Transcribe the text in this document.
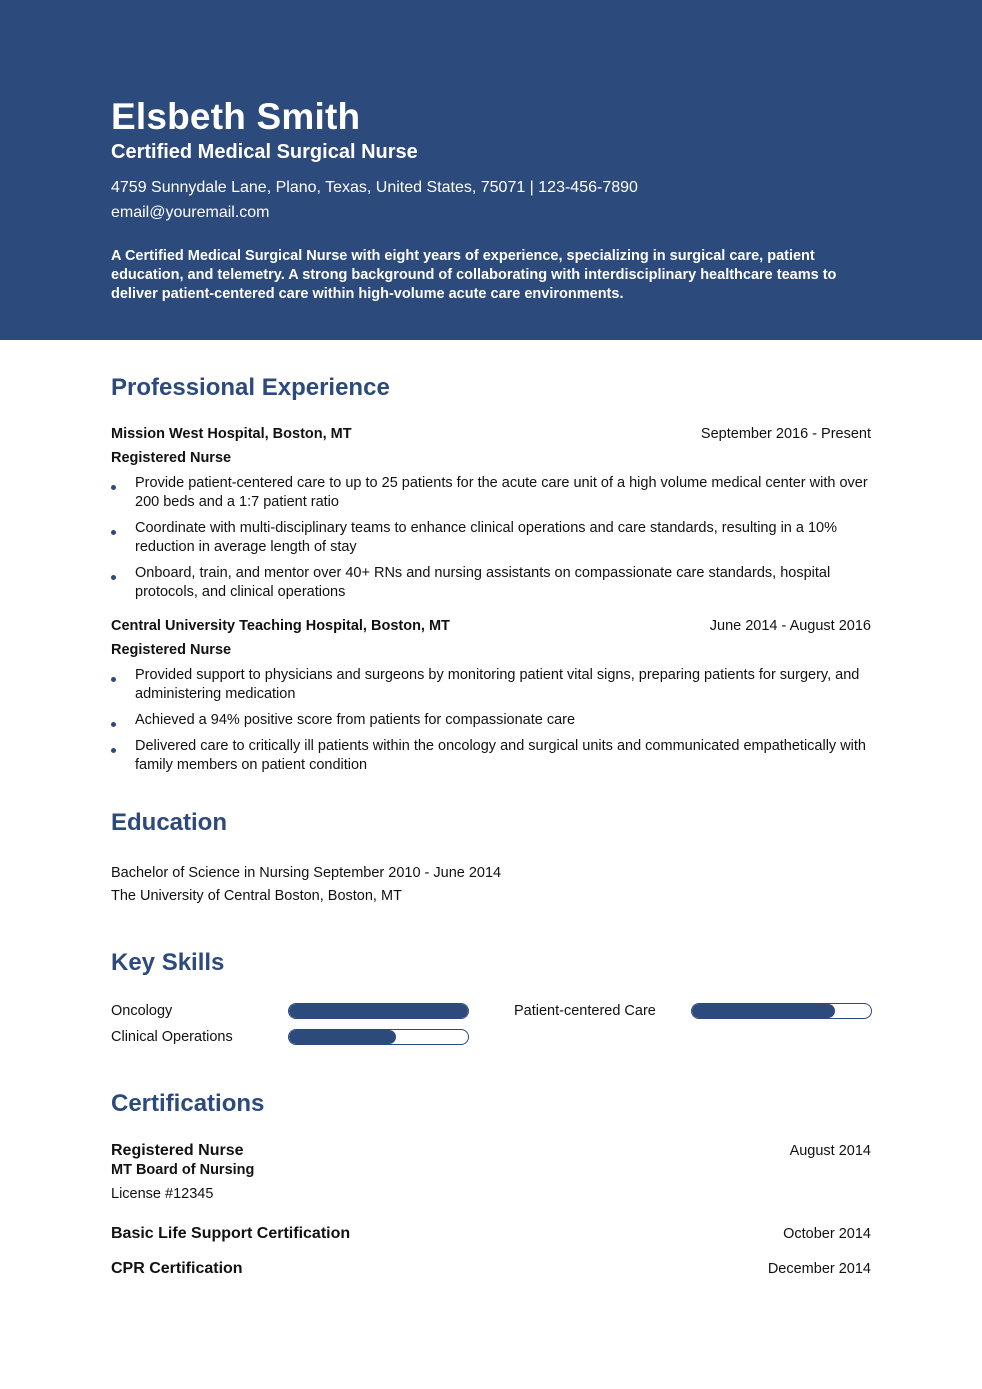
Elsbeth Smith
Certified Medical Surgical Nurse
4759 Sunnydale Lane, Plano, Texas, United States, 75071 | 123-456-7890
email@youremail.com
A Certified Medical Surgical Nurse with eight years of experience, specializing in surgical care, patient education, and telemetry. A strong background of collaborating with interdisciplinary healthcare teams to deliver patient-centered care within high-volume acute care environments.
Professional Experience
Mission West Hospital, Boston, MT	September 2016 - Present
Registered Nurse
Provide patient-centered care to up to 25 patients for the acute care unit of a high volume medical center with over 200 beds and a 1:7 patient ratio
Coordinate with multi-disciplinary teams to enhance clinical operations and care standards, resulting in a 10% reduction in average length of stay
Onboard, train, and mentor over 40+ RNs and nursing assistants on compassionate care standards, hospital protocols, and clinical operations
Central University Teaching Hospital, Boston, MT	June 2014 - August 2016
Registered Nurse
Provided support to physicians and surgeons by monitoring patient vital signs, preparing patients for surgery, and administering medication
Achieved a 94% positive score from patients for compassionate care
Delivered care to critically ill patients within the oncology and surgical units and communicated empathetically with family members on patient condition
Education
Bachelor of Science in Nursing September 2010 - June 2014
The University of Central Boston, Boston, MT
Key Skills
Oncology	Patient-centered Care
Clinical Operations
Certifications
Registered Nurse	August 2014
MT Board of Nursing
License #12345
Basic Life Support Certification	October 2014
CPR Certification	December 2014
